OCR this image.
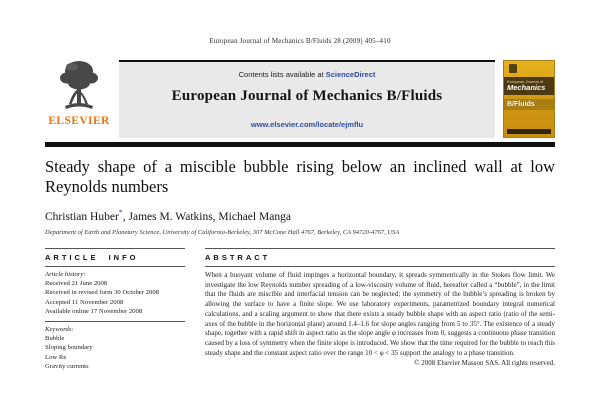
European Journal of Mechanics B/Fluids 28 (2009) 405–410
ELSEVIER
Contents lists available at ScienceDirect
European Journal of Mechanics B/Fluids
www.elsevier.com/locate/ejmflu
European Journal of
Mechanics
B/Fluids
Steady shape of a miscible bubble rising below an inclined wall at low Reynolds numbers
Christian Huber*, James M. Watkins, Michael Manga
Department of Earth and Planetary Science, University of California-Berkeley, 307 McCone Hall 4767, Berkeley, CA 94720-4767, USA
ARTICLE INFO
Article history:
Received 21 June 2008
Received in revised form 30 October 2008
Accepted 11 November 2008
Available online 17 November 2008
Keywords:
Bubble
Sloping boundary
Low Re
Gravity currents
ABSTRACT
When a buoyant volume of fluid impinges a horizontal boundary, it spreads symmetrically in the Stokes flow limit. We investigate the low Reynolds number spreading of a low-viscosity volume of fluid, hereafter called a “bubble”, in the limit that the fluids are miscible and interfacial tension can be neglected; the symmetry of the bubble’s spreading is broken by allowing the surface to have a finite slope. We use laboratory experiments, parametrized boundary integral numerical calculations, and a scaling argument to show that there exists a steady bubble shape with an aspect ratio (ratio of the semi-axes of the bubble in the horizontal plane) around 1.4–1.6 for slope angles ranging from 5 to 35°. The existence of a steady shape, together with a rapid shift in aspect ratio as the slope angle φ increases from 0, suggests a continuous phase transition caused by a loss of symmetry when the finite slope is introduced. We show that the time required for the bubble to reach this steady shape and the constant aspect ratio over the range 10 < φ < 35 support the analogy to a phase transition.
© 2008 Elsevier Masson SAS. All rights reserved.
